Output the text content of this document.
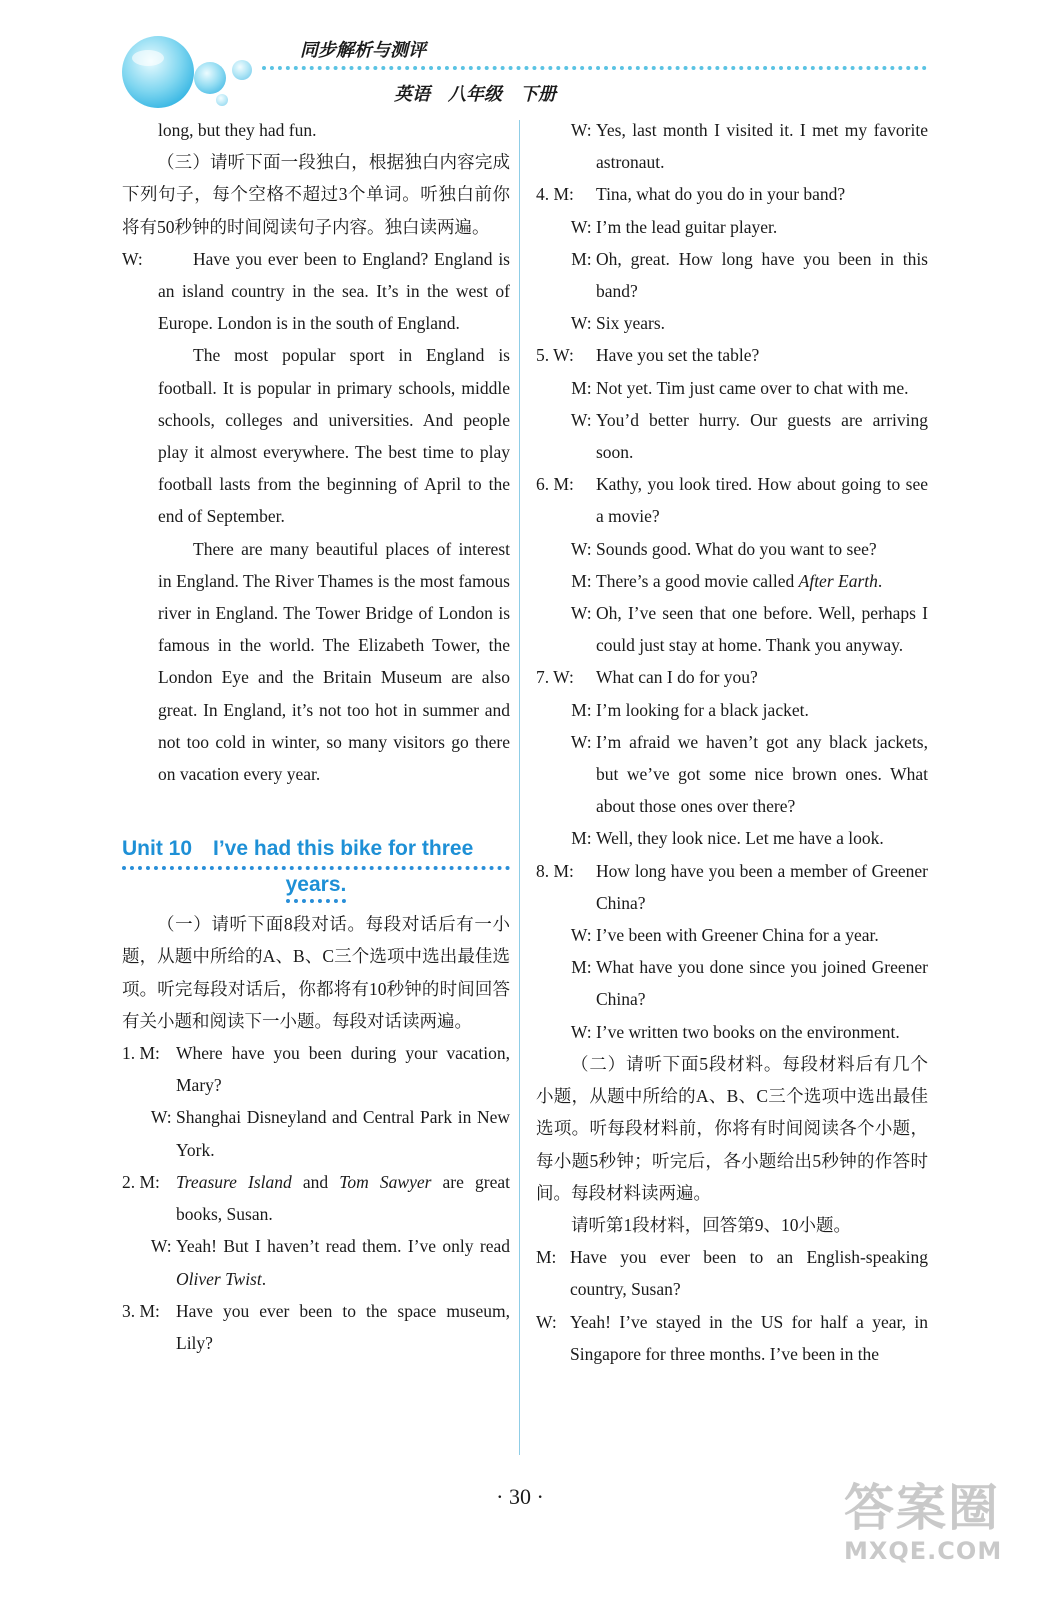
同步解析与测评
英语　八年级　下册

long, but they had fun.

（三）请听下面一段独白，根据独白内容完成下列句子，每个空格不超过3个单词。听独白前你将有50秒钟的时间阅读句子内容。独白读两遍。

W:	Have you ever been to England? England is an island country in the sea. It’s in the west of Europe. London is in the south of England.

The most popular sport in England is football. It is popular in primary schools, middle schools, colleges and universities. And people play it almost everywhere. The best time to play football lasts from the beginning of April to the end of September.

There are many beautiful places of interest in England. The River Thames is the most famous river in England. The Tower Bridge of London is famous in the world. The Elizabeth Tower, the London Eye and the Britain Museum are also great. In England, it’s not too hot in summer and not too cold in winter, so many visitors go there on vacation every year.

Unit 10　I’ve had this bike for three
years.

（一）请听下面8段对话。每段对话后有一小题，从题中所给的A、B、C三个选项中选出最佳选项。听完每段对话后，你都将有10秒钟的时间回答有关小题和阅读下一小题。每段对话读两遍。

1. M: Where have you been during your vacation, Mary?
W: Shanghai Disneyland and Central Park in New York.
2. M: Treasure Island and Tom Sawyer are great books, Susan.
W: Yeah! But I haven’t read them. I’ve only read Oliver Twist.
3. M: Have you ever been to the space museum, Lily?
W: Yes, last month I visited it. I met my favorite astronaut.
4. M:	Tina, what do you do in your band?
W: I’m the lead guitar player.
M: Oh, great. How long have you been in this band?
W: Six years.
5. W:	Have you set the table?
M: Not yet. Tim just came over to chat with me.
W: You’d better hurry. Our guests are arriving soon.
6. M:	Kathy, you look tired. How about going to see a movie?
W: Sounds good. What do you want to see?
M: There’s a good movie called After Earth.
W: Oh, I’ve seen that one before. Well, perhaps I could just stay at home. Thank you anyway.
7. W:	What can I do for you?
M: I’m looking for a black jacket.
W: I’m afraid we haven’t got any black jackets, but we’ve got some nice brown ones. What about those ones over there?
M: Well, they look nice. Let me have a look.
8. M:	How long have you been a member of Greener China?
W: I’ve been with Greener China for a year.
M: What have you done since you joined Greener China?
W: I’ve written two books on the environment.

（二）请听下面5段材料。每段材料后有几个小题，从题中所给的A、B、C三个选项中选出最佳选项。听每段材料前，你将有时间阅读各个小题，每小题5秒钟；听完后，各小题给出5秒钟的作答时间。每段材料读两遍。

请听第1段材料，回答第9、10小题。

M: Have you ever been to an English-speaking country, Susan?
W: Yeah! I’ve stayed in the US for half a year, in Singapore for three months. I’ve been in the
· 30 ·	答案圈
MXQE.COM
